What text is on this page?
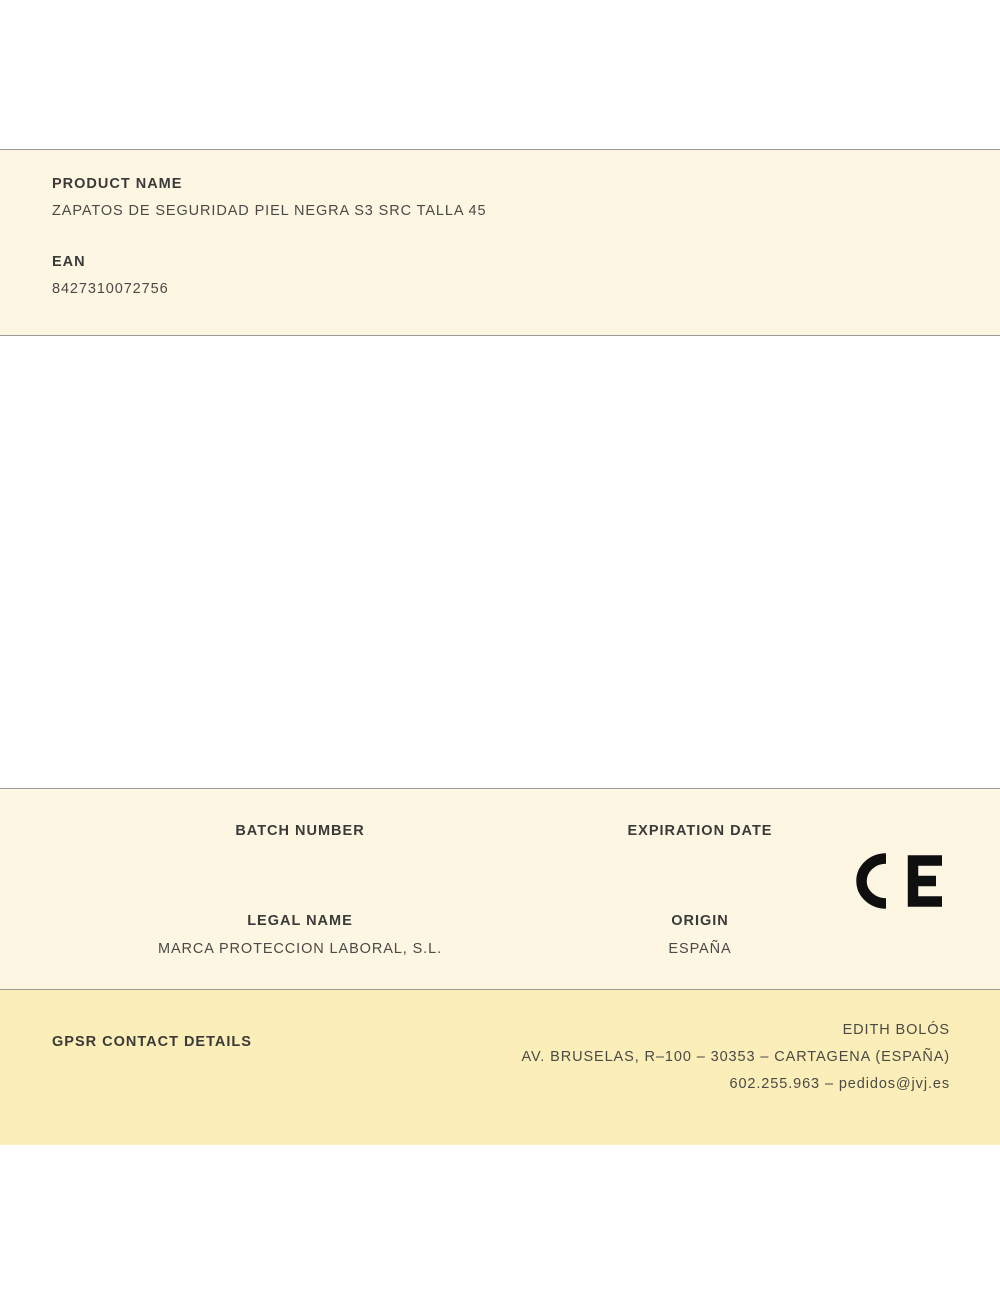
PRODUCT NAME
ZAPATOS DE SEGURIDAD PIEL NEGRA S3 SRC TALLA 45
EAN
8427310072756
BATCH NUMBER	EXPIRATION DATE
LEGAL NAME
MARCA PROTECCION LABORAL, S.L.
ORIGIN
ESPAÑA
GPSR CONTACT DETAILS
EDITH BOLÓS
AV. BRUSELAS, R–100 – 30353 – CARTAGENA (ESPAÑA)
602.255.963 – pedidos@jvj.es
